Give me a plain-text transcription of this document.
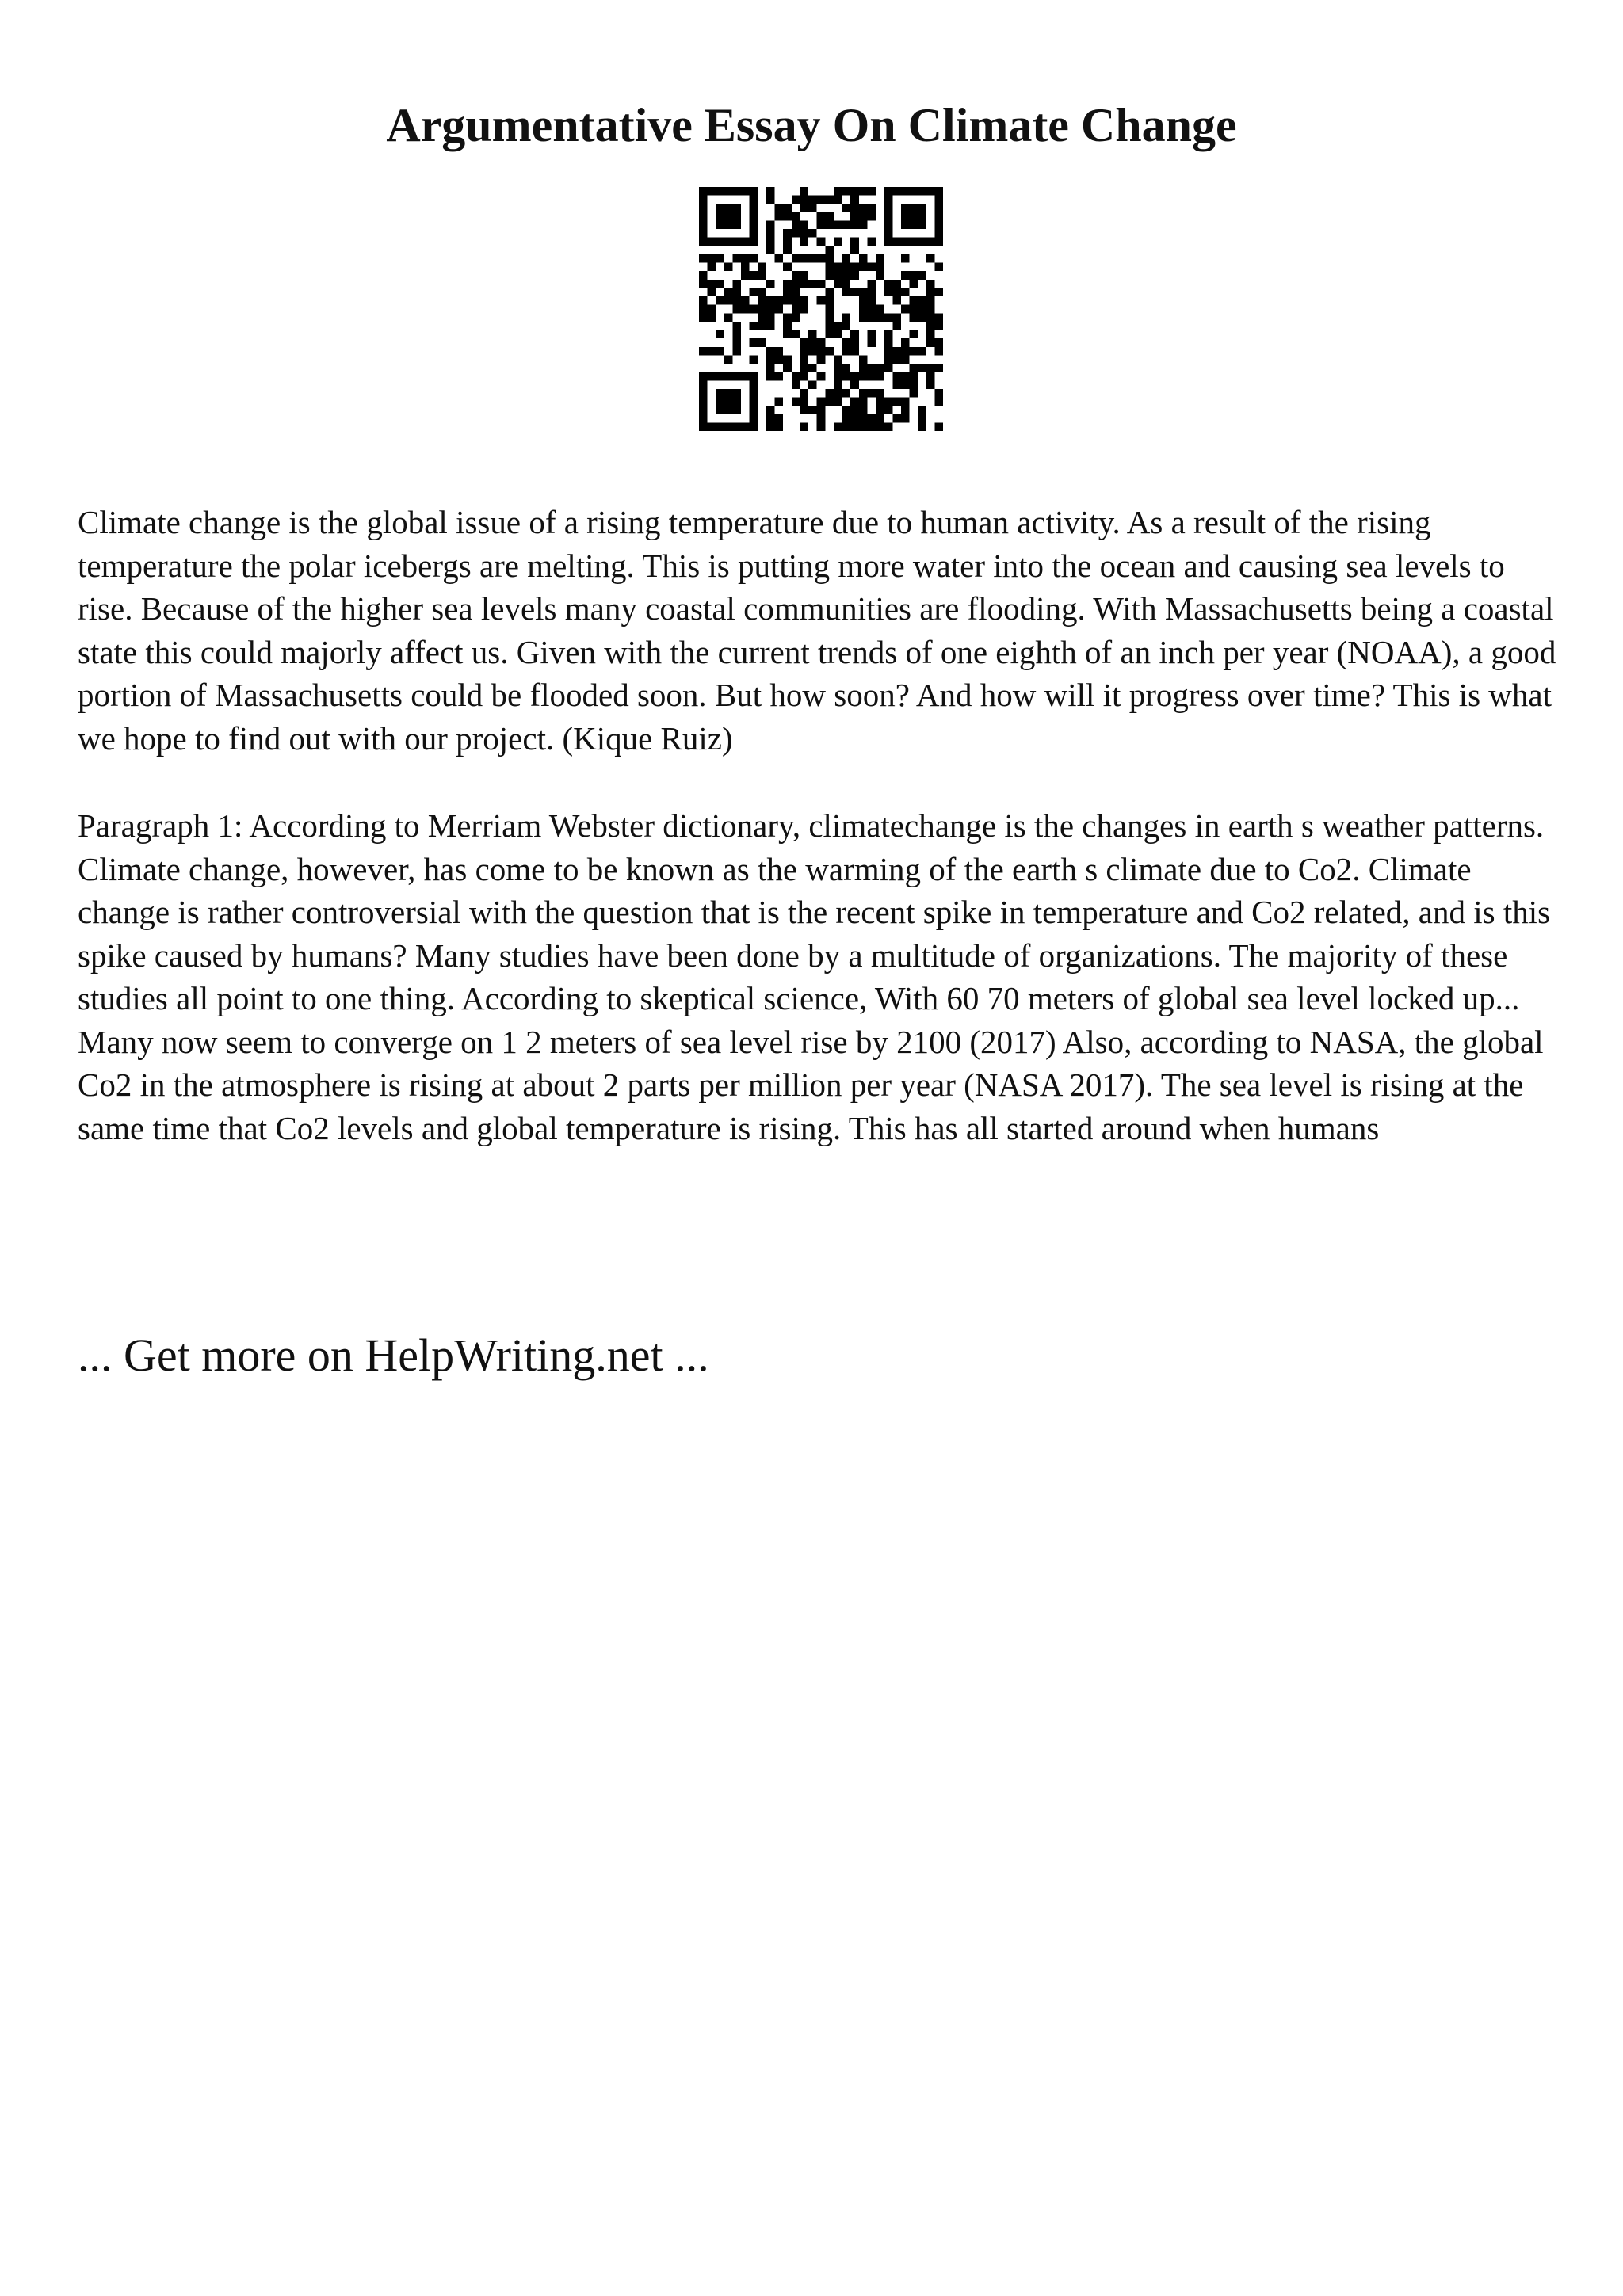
Argumentative Essay On Climate Change

Climate change is the global issue of a rising temperature due to human activity. As a result of the rising temperature the polar icebergs are melting. This is putting more water into the ocean and causing sea levels to rise. Because of the higher sea levels many coastal communities are flooding. With Massachusetts being a coastal state this could majorly affect us. Given with the current trends of one eighth of an inch per year (NOAA), a good portion of Massachusetts could be flooded soon. But how soon? And how will it progress over time? This is what we hope to find out with our project. (Kique Ruiz)

Paragraph 1: According to Merriam Webster dictionary, climatechange is the changes in earth s weather patterns. Climate change, however, has come to be known as the warming of the earth s climate due to Co2. Climate change is rather controversial with the question that is the recent spike in temperature and Co2 related, and is this spike caused by humans? Many studies have been done by a multitude of organizations. The majority of these studies all point to one thing. According to skeptical science, With 60 70 meters of global sea level locked up... Many now seem to converge on 1 2 meters of sea level rise by 2100 (2017) Also, according to NASA, the global Co2 in the atmosphere is rising at about 2 parts per million per year (NASA 2017). The sea level is rising at the same time that Co2 levels and global temperature is rising. This has all started around when humans

... Get more on HelpWriting.net ...
